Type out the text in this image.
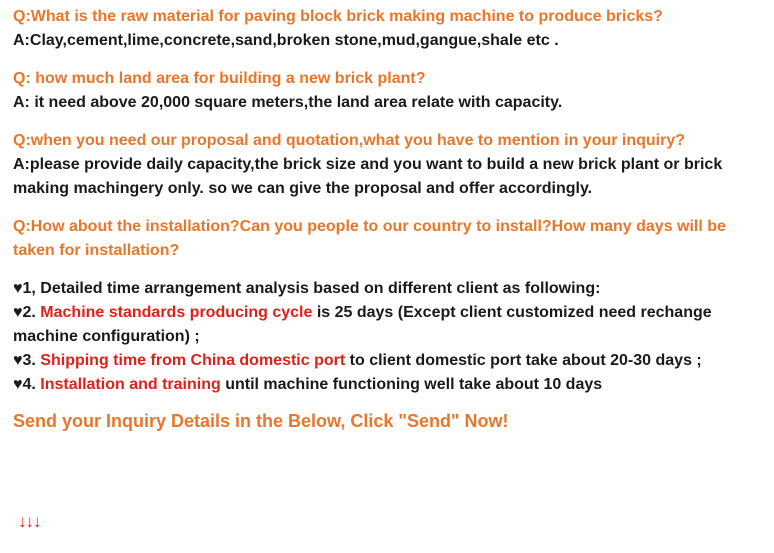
Q:What is the raw material for paving block brick making machine to produce bricks?

A:Clay,cement,lime,concrete,sand,broken stone,mud,gangue,shale etc .

Q: how much land area for building a new brick plant?

A: it need above 20,000 square meters,the land area relate with capacity.

Q:when you need our proposal and quotation,what you have to mention in your inquiry?

A:please provide daily capacity,the brick size and you want to build a new brick plant or brick making machingery only. so we can give the proposal and offer accordingly.

Q:How about the installation?Can you people to our country to install?How many days will be taken for installation?

♥1, Detailed time arrangement analysis based on different client as following:

♥2. Machine standards producing cycle is 25 days (Except client customized need rechange machine configuration) ;

♥3. Shipping time from China domestic port to client domestic port take about 20-30 days ;

♥4. Installation and training until machine functioning well take about 10 days

Send your Inquiry Details in the Below, Click "Send" Now!

↓↓↓
